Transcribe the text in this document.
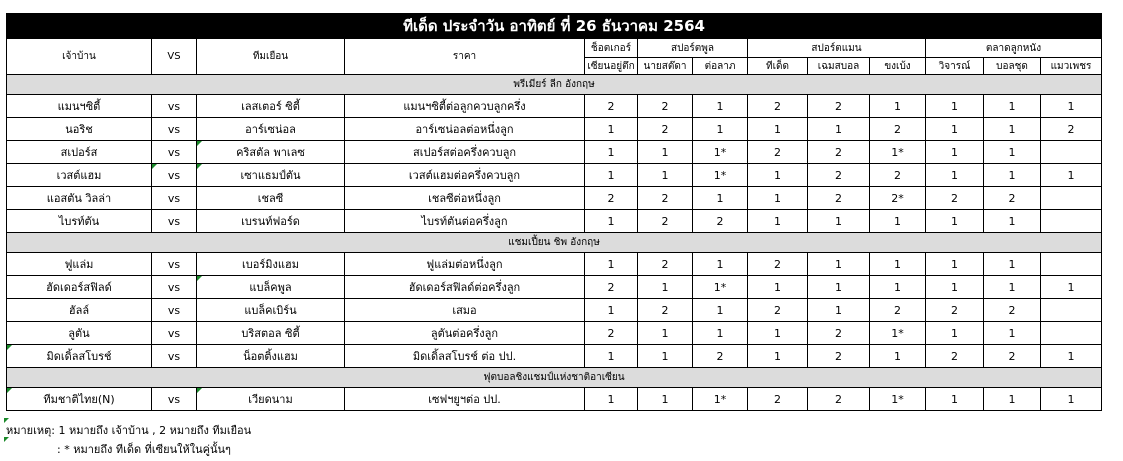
ทีเด็ด ประจำวัน อาทิตย์ ที่ 26 ธันวาคม 2564												
เจ้าบ้าน	VS	ทีมเยือน	ราคา	ช็อตเกอร์	สปอร์ตพูล		สปอร์ตแมน			ตลาดลูกหนัง		
				เซียนอยู่ตึก	นายสต๊ดา	ต่อลาภ	ทีเด็ด	เฉมสบอล	ขงเบ้ง	วิจารณ์	บอลชุด	แมวเพชร
พรีเมียร์ ลีก อังกฤษ												
แมนฯซิตี้	vs	เลสเตอร์ ซิตี้	แมนฯซิตี้ต่อลูกควบลูกครึ่ง	2	2	1	2	2	1	1	1	1
นอริช	vs	อาร์เซน่อล	อาร์เซน่อลต่อหนึ่งลูก	1	2	1	1	1	2	1	1	2
สเปอร์ส	vs	คริสตัล พาเลซ	สเปอร์สต่อครึ่งควบลูก	1	1	1*	2	2	1*	1	1	
เวสต์แฮม	vs	เซาแธมป์ตัน	เวสต์แฮมต่อครึ่งควบลูก	1	1	1*	1	2	2	1	1	1
แอสตัน วิลล่า	vs	เชลซี	เชลซีต่อหนึ่งลูก	2	2	1	1	2	2*	2	2	
ไบรท์ตัน	vs	เบรนท์ฟอร์ด	ไบรท์ตันต่อครึ่งลูก	1	2	2	1	1	1	1	1	
แชมเปี้ยน ชิพ อังกฤษ												
ฟูแล่ม	vs	เบอร์มิงแฮม	ฟูแล่มต่อหนึ่งลูก	1	2	1	2	1	1	1	1	
ฮัดเดอร์สฟิลด์	vs	แบล็คพูล	ฮัดเดอร์สฟิลด์ต่อครึ่งลูก	2	1	1*	1	1	1	1	1	1
ฮัลล์	vs	แบล็คเบิร์น	เสมอ	1	2	1	2	1	2	2	2	
ลูตัน	vs	บริสตอล ซิตี้	ลูตันต่อครึ่งลูก	2	1	1	1	2	1*	1	1	
มิดเดิ้ลสโบรช์	vs	น็อตติ้งแฮม	มิดเดิ้ลสโบรช์ ต่อ ปป.	1	1	2	1	2	1	2	2	1
ฟุตบอลชิงแชมป์แห่งชาติอาเซียน												
ทีมชาติไทย(N)	vs	เวียดนาม	เซฟฯยูฯต่อ ปป.	1	1	1*	2	2	1*	1	1	1
หมายเหตุ: 1 หมายถึง เจ้าบ้าน , 2 หมายถึง ทีมเยือน
: * หมายถึง ทีเด็ด ที่เซียนให้ในคู่นั้นๆ
